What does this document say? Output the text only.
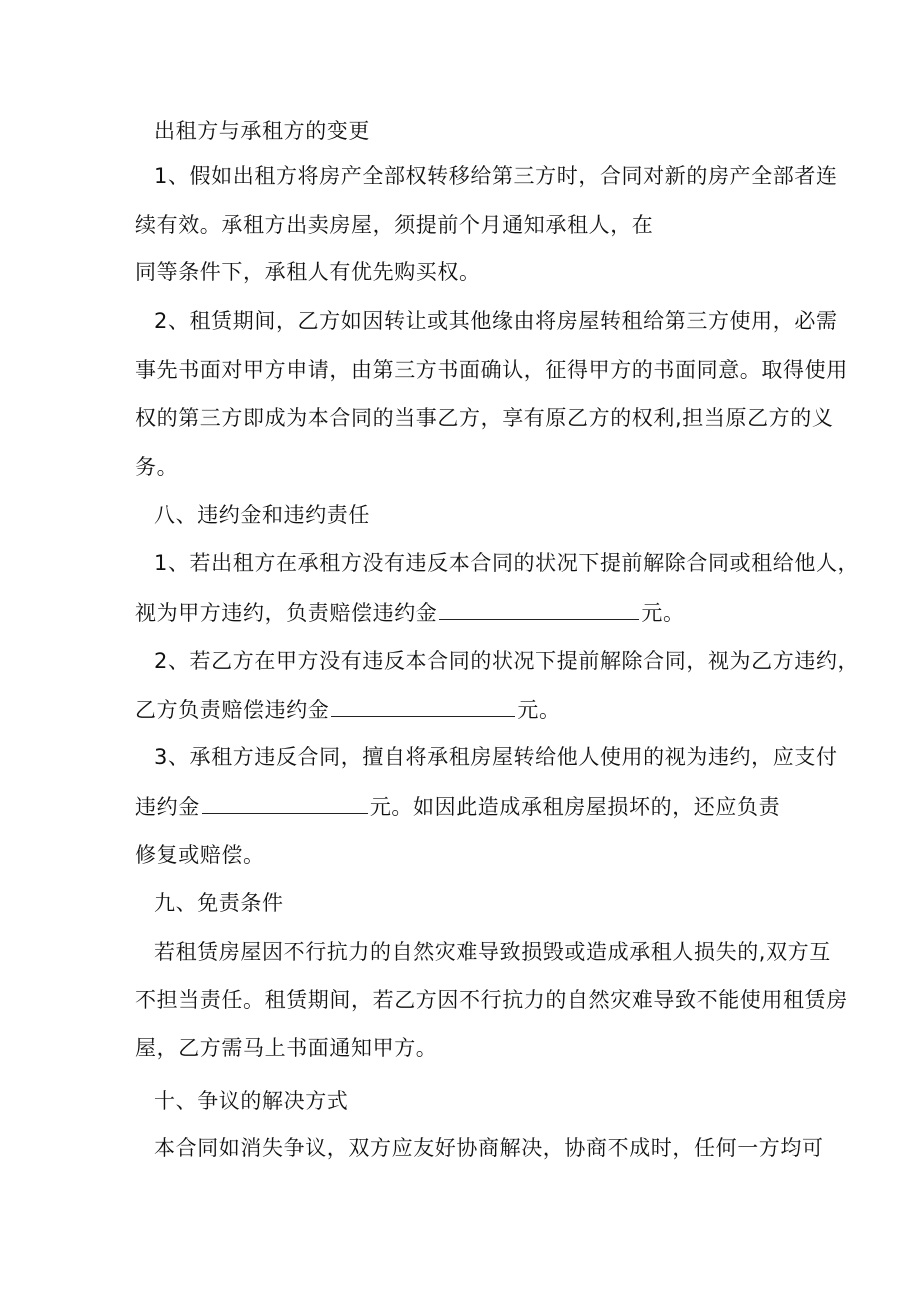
出租方与承租方的变更
1、假如出租方将房产全部权转移给第三方时，合同对新的房产全部者连
续有效。承租方出卖房屋，须提前个月通知承租人，在
同等条件下，承租人有优先购买权。
2、租赁期间，乙方如因转让或其他缘由将房屋转租给第三方使用，必需
事先书面对甲方申请，由第三方书面确认，征得甲方的书面同意。取得使用
权的第三方即成为本合同的当事乙方，享有原乙方的权利,担当原乙方的义
务。
八、违约金和违约责任
1、若出租方在承租方没有违反本合同的状况下提前解除合同或租给他人，
视为甲方违约，负责赔偿违约金	元。
2、若乙方在甲方没有违反本合同的状况下提前解除合同，视为乙方违约，
乙方负责赔偿违约金	元。
3、承租方违反合同，擅自将承租房屋转给他人使用的视为违约，应支付
违约金	元。如因此造成承租房屋损坏的，还应负责
修复或赔偿。
九、免责条件
若租赁房屋因不行抗力的自然灾难导致损毁或造成承租人损失的,双方互
不担当责任。租赁期间，若乙方因不行抗力的自然灾难导致不能使用租赁房
屋，乙方需马上书面通知甲方。
十、争议的解决方式
本合同如消失争议，双方应友好协商解决，协商不成时，任何一方均可
